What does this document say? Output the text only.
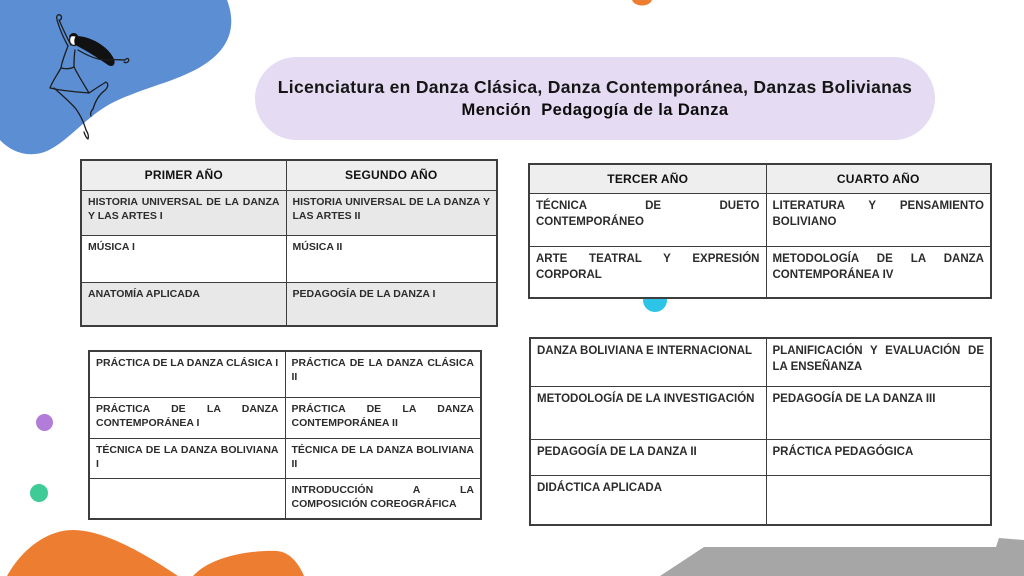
Licenciatura en Danza Clásica, Danza Contemporánea, Danzas Bolivianas
Mención  Pedagogía de la Danza
PRIMER AÑO	SEGUNDO AÑO
HISTORIA UNIVERSAL DE LA DANZA Y LAS ARTES I	HISTORIA UNIVERSAL DE LA DANZA Y LAS ARTES II
MÚSICA I	MÚSICA II
ANATOMÍA APLICADA	PEDAGOGÍA DE LA DANZA I
TERCER AÑO	CUARTO AÑO
TÉCNICA DE DUETO CONTEMPORÁNEO	LITERATURA Y PENSAMIENTO BOLIVIANO
ARTE TEATRAL Y EXPRESIÓN CORPORAL	METODOLOGÍA DE LA DANZA CONTEMPORÁNEA IV
PRÁCTICA DE LA DANZA CLÁSICA I	PRÁCTICA DE LA DANZA CLÁSICA II
PRÁCTICA DE LA DANZA CONTEMPORÁNEA I	PRÁCTICA DE LA DANZA CONTEMPORÁNEA II
TÉCNICA DE LA DANZA BOLIVIANA I	TÉCNICA DE LA DANZA BOLIVIANA II
	INTRODUCCIÓN A LA COMPOSICIÓN COREOGRÁFICA
DANZA BOLIVIANA E INTERNACIONAL	PLANIFICACIÓN Y EVALUACIÓN DE LA ENSEÑANZA
METODOLOGÍA DE LA INVESTIGACIÓN	PEDAGOGÍA DE LA DANZA III
PEDAGOGÍA DE LA DANZA II	PRÁCTICA PEDAGÓGICA
DIDÁCTICA APLICADA	
